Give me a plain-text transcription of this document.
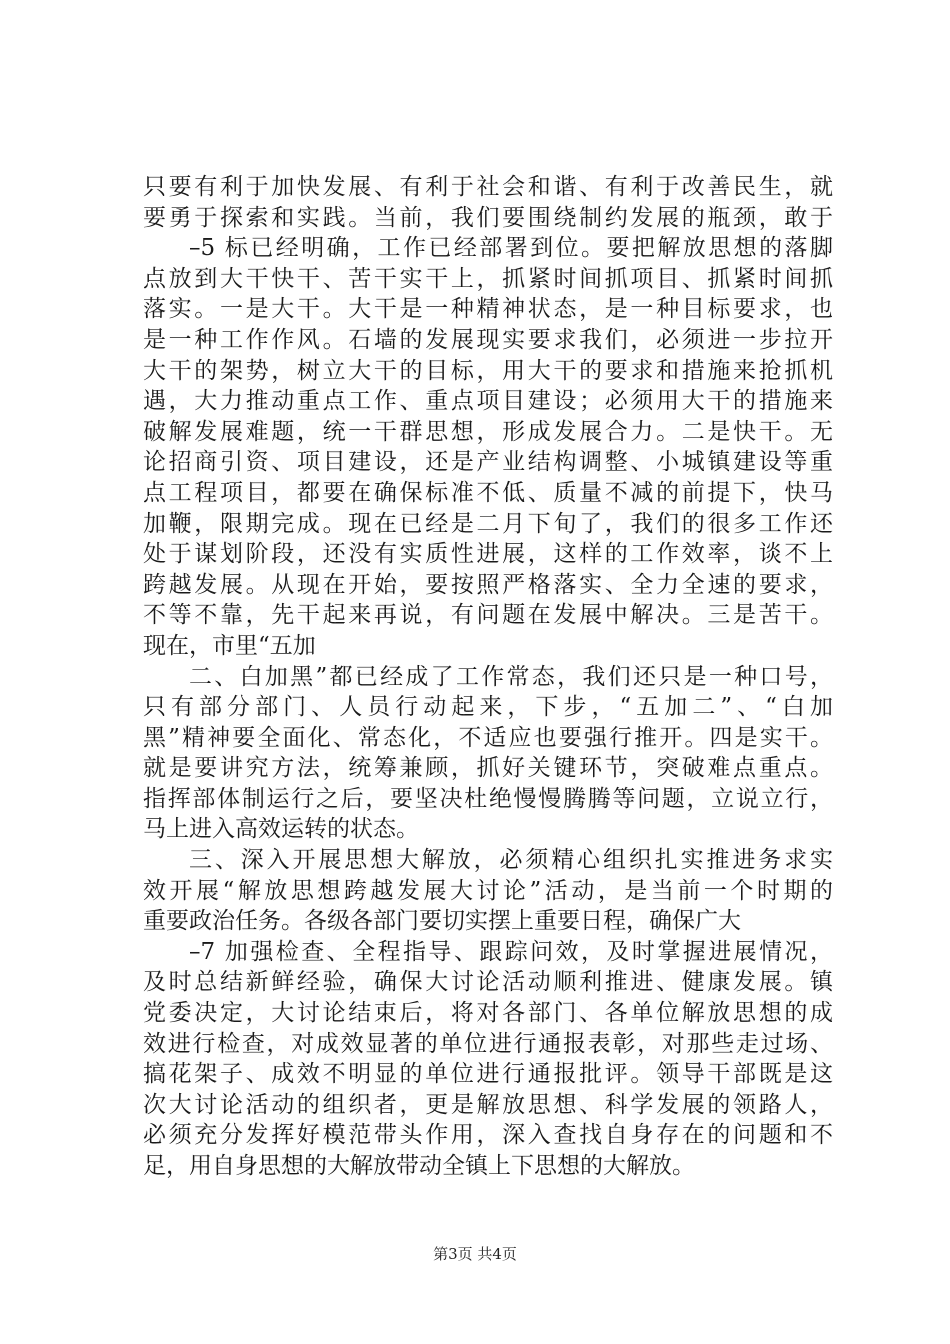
只要有利于加快发展、有利于社会和谐、有利于改善民生，就
要勇于探索和实践。当前，我们要围绕制约发展的瓶颈，敢于
–5 标已经明确，工作已经部署到位。要把解放思想的落脚
点放到大干快干、苦干实干上，抓紧时间抓项目、抓紧时间抓
落实。一是大干。大干是一种精神状态，是一种目标要求，也
是一种工作作风。石墙的发展现实要求我们，必须进一步拉开
大干的架势，树立大干的目标，用大干的要求和措施来抢抓机
遇，大力推动重点工作、重点项目建设；必须用大干的措施来
破解发展难题，统一干群思想，形成发展合力。二是快干。无
论招商引资、项目建设，还是产业结构调整、小城镇建设等重
点工程项目，都要在确保标准不低、质量不减的前提下，快马
加鞭，限期完成。现在已经是二月下旬了，我们的很多工作还
处于谋划阶段，还没有实质性进展，这样的工作效率，谈不上
跨越发展。从现在开始，要按照严格落实、全力全速的要求，
不等不靠，先干起来再说，有问题在发展中解决。三是苦干。
现在，市里“五加
二、白加黑”都已经成了工作常态，我们还只是一种口号，
只有部分部门、人员行动起来，下步，“五加二”、“白加
黑”精神要全面化、常态化，不适应也要强行推开。四是实干。
就是要讲究方法，统筹兼顾，抓好关键环节，突破难点重点。
指挥部体制运行之后，要坚决杜绝慢慢腾腾等问题，立说立行，
马上进入高效运转的状态。
三、深入开展思想大解放，必须精心组织扎实推进务求实
效开展“解放思想跨越发展大讨论”活动，是当前一个时期的
重要政治任务。各级各部门要切实摆上重要日程，确保广大
–7 加强检查、全程指导、跟踪问效，及时掌握进展情况，
及时总结新鲜经验，确保大讨论活动顺利推进、健康发展。镇
党委决定，大讨论结束后，将对各部门、各单位解放思想的成
效进行检查，对成效显著的单位进行通报表彰，对那些走过场、
搞花架子、成效不明显的单位进行通报批评。领导干部既是这
次大讨论活动的组织者，更是解放思想、科学发展的领路人，
必须充分发挥好模范带头作用，深入查找自身存在的问题和不
足，用自身思想的大解放带动全镇上下思想的大解放。
第3页 共4页
